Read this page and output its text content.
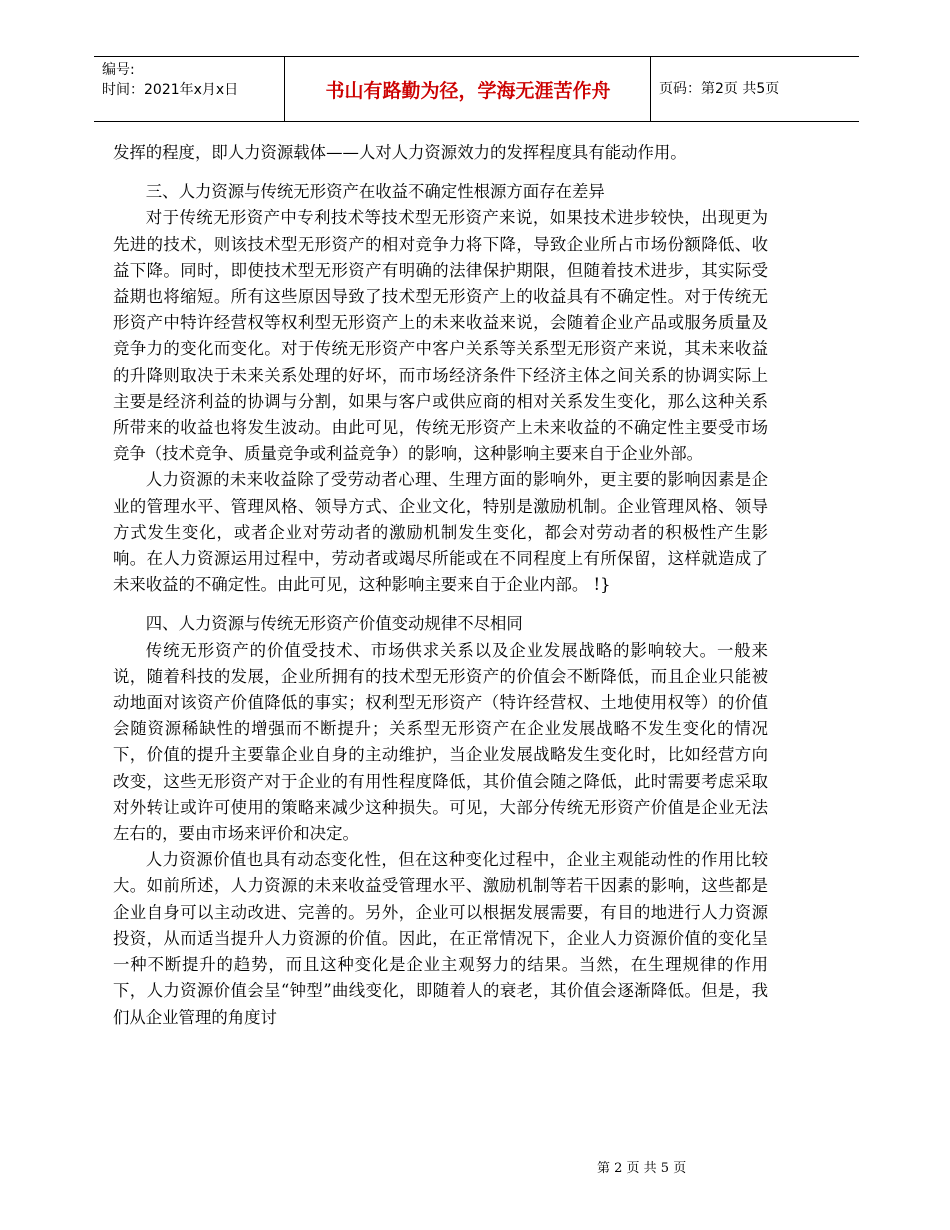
编号:
时间：2021年x月x日	书山有路勤为径，学海无涯苦作舟	页码：第2页 共5页

发挥的程度，即人力资源载体——人对人力资源效力的发挥程度具有能动作用。

三、人力资源与传统无形资产在收益不确定性根源方面存在差异

对于传统无形资产中专利技术等技术型无形资产来说，如果技术进步较快，出现更为先进的技术，则该技术型无形资产的相对竞争力将下降，导致企业所占市场份额降低、收益下降。同时，即使技术型无形资产有明确的法律保护期限，但随着技术进步，其实际受益期也将缩短。所有这些原因导致了技术型无形资产上的收益具有不确定性。对于传统无形资产中特许经营权等权利型无形资产上的未来收益来说，会随着企业产品或服务质量及竞争力的变化而变化。对于传统无形资产中客户关系等关系型无形资产来说，其未来收益的升降则取决于未来关系处理的好坏，而市场经济条件下经济主体之间关系的协调实际上主要是经济利益的协调与分割，如果与客户或供应商的相对关系发生变化，那么这种关系所带来的收益也将发生波动。由此可见，传统无形资产上未来收益的不确定性主要受市场竞争（技术竞争、质量竞争或利益竞争）的影响，这种影响主要来自于企业外部。

人力资源的未来收益除了受劳动者心理、生理方面的影响外，更主要的影响因素是企业的管理水平、管理风格、领导方式、企业文化，特别是激励机制。企业管理风格、领导方式发生变化，或者企业对劳动者的激励机制发生变化，都会对劳动者的积极性产生影响。在人力资源运用过程中，劳动者或竭尽所能或在不同程度上有所保留，这样就造成了未来收益的不确定性。由此可见，这种影响主要来自于企业内部。 !}

四、人力资源与传统无形资产价值变动规律不尽相同

传统无形资产的价值受技术、市场供求关系以及企业发展战略的影响较大。一般来说，随着科技的发展，企业所拥有的技术型无形资产的价值会不断降低，而且企业只能被动地面对该资产价值降低的事实；权利型无形资产（特许经营权、土地使用权等）的价值会随资源稀缺性的增强而不断提升；关系型无形资产在企业发展战略不发生变化的情况下，价值的提升主要靠企业自身的主动维护，当企业发展战略发生变化时，比如经营方向改变，这些无形资产对于企业的有用性程度降低，其价值会随之降低，此时需要考虑采取对外转让或许可使用的策略来减少这种损失。可见，大部分传统无形资产价值是企业无法左右的，要由市场来评价和决定。

人力资源价值也具有动态变化性，但在这种变化过程中，企业主观能动性的作用比较大。如前所述，人力资源的未来收益受管理水平、激励机制等若干因素的影响，这些都是企业自身可以主动改进、完善的。另外，企业可以根据发展需要，有目的地进行人力资源投资，从而适当提升人力资源的价值。因此，在正常情况下，企业人力资源价值的变化呈一种不断提升的趋势，而且这种变化是企业主观努力的结果。当然，在生理规律的作用下，人力资源价值会呈“钟型”曲线变化，即随着人的衰老，其价值会逐渐降低。但是，我们从企业管理的角度讨

第 2 页 共 5 页
